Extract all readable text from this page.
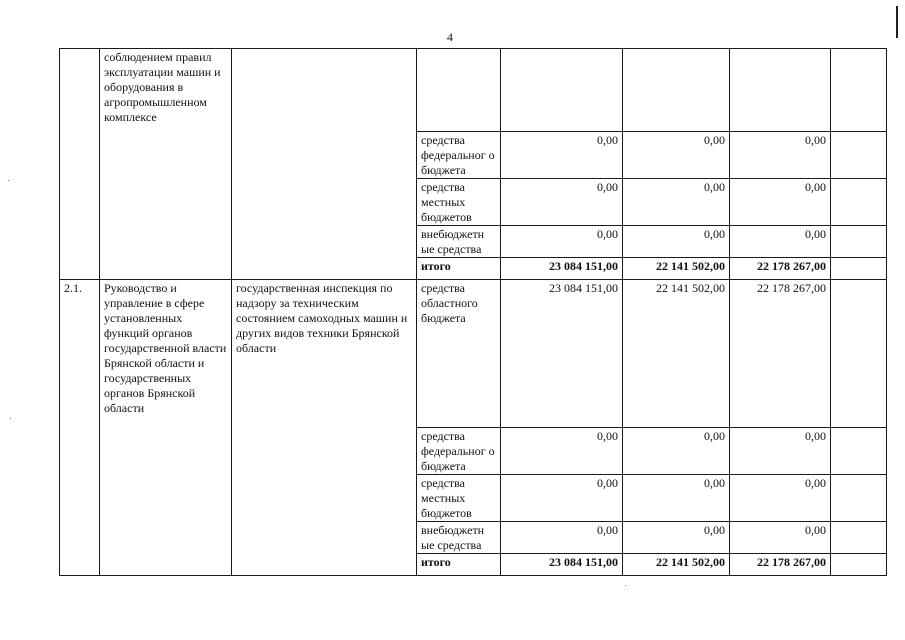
4
	соблюдением правил эксплуатации машин и оборудования в агропромышленном комплексе						
			средства федеральног о бюджета	0,00	0,00	0,00	
			средства местных бюджетов	0,00	0,00	0,00	
			внебюджетн ые средства	0,00	0,00	0,00	
			итого	23 084 151,00	22 141 502,00	22 178 267,00	
2.1.	Руководство и управление в сфере установленных функций органов государственной власти Брянской области и государственных органов Брянской области	государственная инспекция по надзору за техническим состоянием самоходных машин и других видов техники Брянской области	средства областного бюджета	23 084 151,00	22 141 502,00	22 178 267,00	
			средства федеральног о бюджета	0,00	0,00	0,00	
			средства местных бюджетов	0,00	0,00	0,00	
			внебюджетн ые средства	0,00	0,00	0,00	
			итого	23 084 151,00	22 141 502,00	22 178 267,00	
